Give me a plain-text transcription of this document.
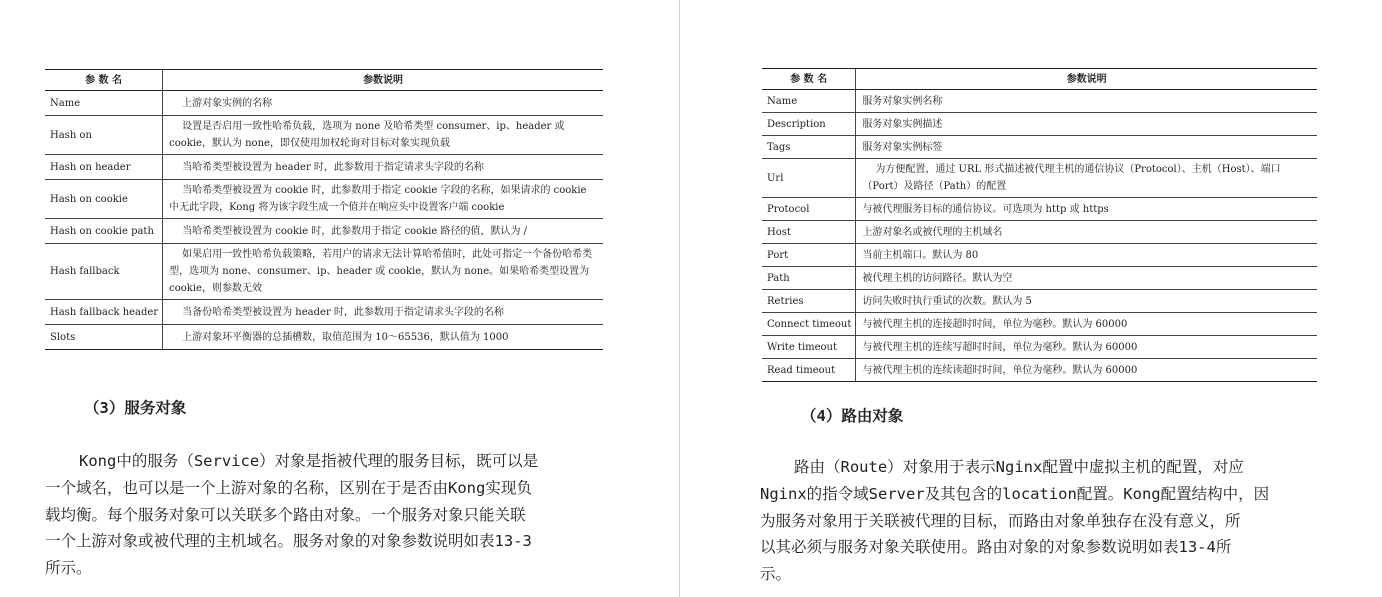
参 数 名	参数说明
Name	上游对象实例的名称
Hash on	设置是否启用一致性哈希负载，选项为 none 及哈希类型 consumer、ip、header 或 cookie，默认为 none，即仅使用加权轮询对目标对象实现负载
Hash on header	当哈希类型被设置为 header 时，此参数用于指定请求头字段的名称
Hash on cookie	当哈希类型被设置为 cookie 时，此参数用于指定 cookie 字段的名称，如果请求的 cookie 中无此字段，Kong 将为该字段生成一个值并在响应头中设置客户端 cookie
Hash on cookie path	当哈希类型被设置为 cookie 时，此参数用于指定 cookie 路径的值，默认为 /
Hash fallback	如果启用一致性哈希负载策略，若用户的请求无法计算哈希值时，此处可指定一个备份哈希类型，选项为 none、consumer、ip、header 或 cookie，默认为 none。如果哈希类型设置为 cookie，则参数无效
Hash fallback header	当备份哈希类型被设置为 header 时，此参数用于指定请求头字段的名称
Slots	上游对象环平衡器的总插槽数，取值范围为 10～65536，默认值为 1000
（3）服务对象
Kong中的服务（Service）对象是指被代理的服务目标，既可以是
一个域名，也可以是一个上游对象的名称，区别在于是否由Kong实现负
载均衡。每个服务对象可以关联多个路由对象。一个服务对象只能关联
一个上游对象或被代理的主机域名。服务对象的对象参数说明如表13-3
所示。
参 数 名	参数说明
Name	服务对象实例名称
Description	服务对象实例描述
Tags	服务对象实例标签
Url	为方便配置，通过 URL 形式描述被代理主机的通信协议（Protocol）、主机（Host）、端口（Port）及路径（Path）的配置
Protocol	与被代理服务目标的通信协议。可选项为 http 或 https
Host	上游对象名或被代理的主机域名
Port	当前主机端口。默认为 80
Path	被代理主机的访问路径。默认为空
Retries	访问失败时执行重试的次数。默认为 5
Connect timeout	与被代理主机的连接超时时间，单位为毫秒。默认为 60000
Write timeout	与被代理主机的连续写超时时间，单位为毫秒。默认为 60000
Read timeout	与被代理主机的连续读超时时间，单位为毫秒。默认为 60000
（4）路由对象
路由（Route）对象用于表示Nginx配置中虚拟主机的配置，对应
Nginx的指令域Server及其包含的location配置。Kong配置结构中，因
为服务对象用于关联被代理的目标，而路由对象单独存在没有意义，所
以其必须与服务对象关联使用。路由对象的对象参数说明如表13-4所
示。
